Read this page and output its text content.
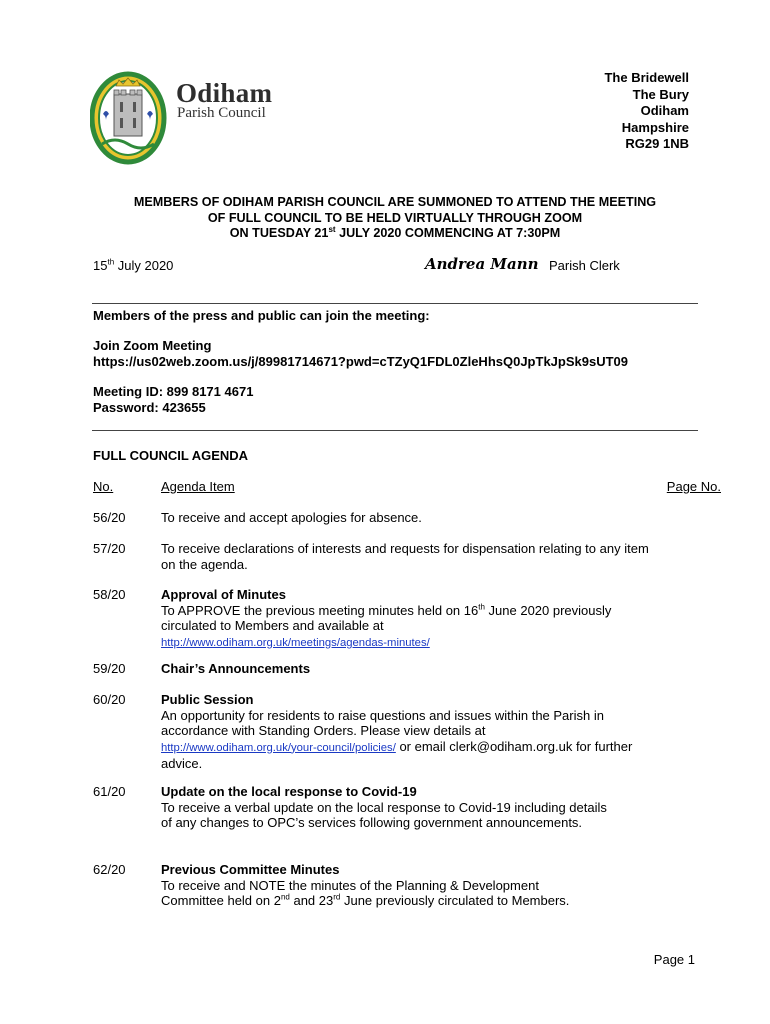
Odiham
Parish Council
The Bridewell
The Bury
Odiham
Hampshire
RG29 1NB
MEMBERS OF ODIHAM PARISH COUNCIL ARE SUMMONED TO ATTEND THE MEETING
OF FULL COUNCIL TO BE HELD VIRTUALLY THROUGH ZOOM
ON TUESDAY 21st JULY 2020 COMMENCING AT 7:30PM
15th July 2020	Andrea Mann Parish Clerk
Members of the press and public can join the meeting:
Join Zoom Meeting
https://us02web.zoom.us/j/89981714671?pwd=cTZyQ1FDL0ZleHhsQ0JpTkJpSk9sUT09
Meeting ID: 899 8171 4671
Password: 423655
FULL COUNCIL AGENDA
No.	Agenda Item	Page No.
56/20	To receive and accept apologies for absence.
57/20	To receive declarations of interests and requests for dispensation relating to any item on the agenda.
58/20	Approval of Minutes
To APPROVE the previous meeting minutes held on 16th June 2020 previously circulated to Members and available at
http://www.odiham.org.uk/meetings/agendas-minutes/
59/20	Chair’s Announcements
60/20	Public Session
An opportunity for residents to raise questions and issues within the Parish in accordance with Standing Orders. Please view details at
http://www.odiham.org.uk/your-council/policies/ or email clerk@odiham.org.uk for further advice.
61/20	Update on the local response to Covid-19
To receive a verbal update on the local response to Covid-19 including details of any changes to OPC’s services following government announcements.
62/20	Previous Committee Minutes
To receive and NOTE the minutes of the Planning & Development
Committee held on 2nd and 23rd June previously circulated to Members.
Page 1
